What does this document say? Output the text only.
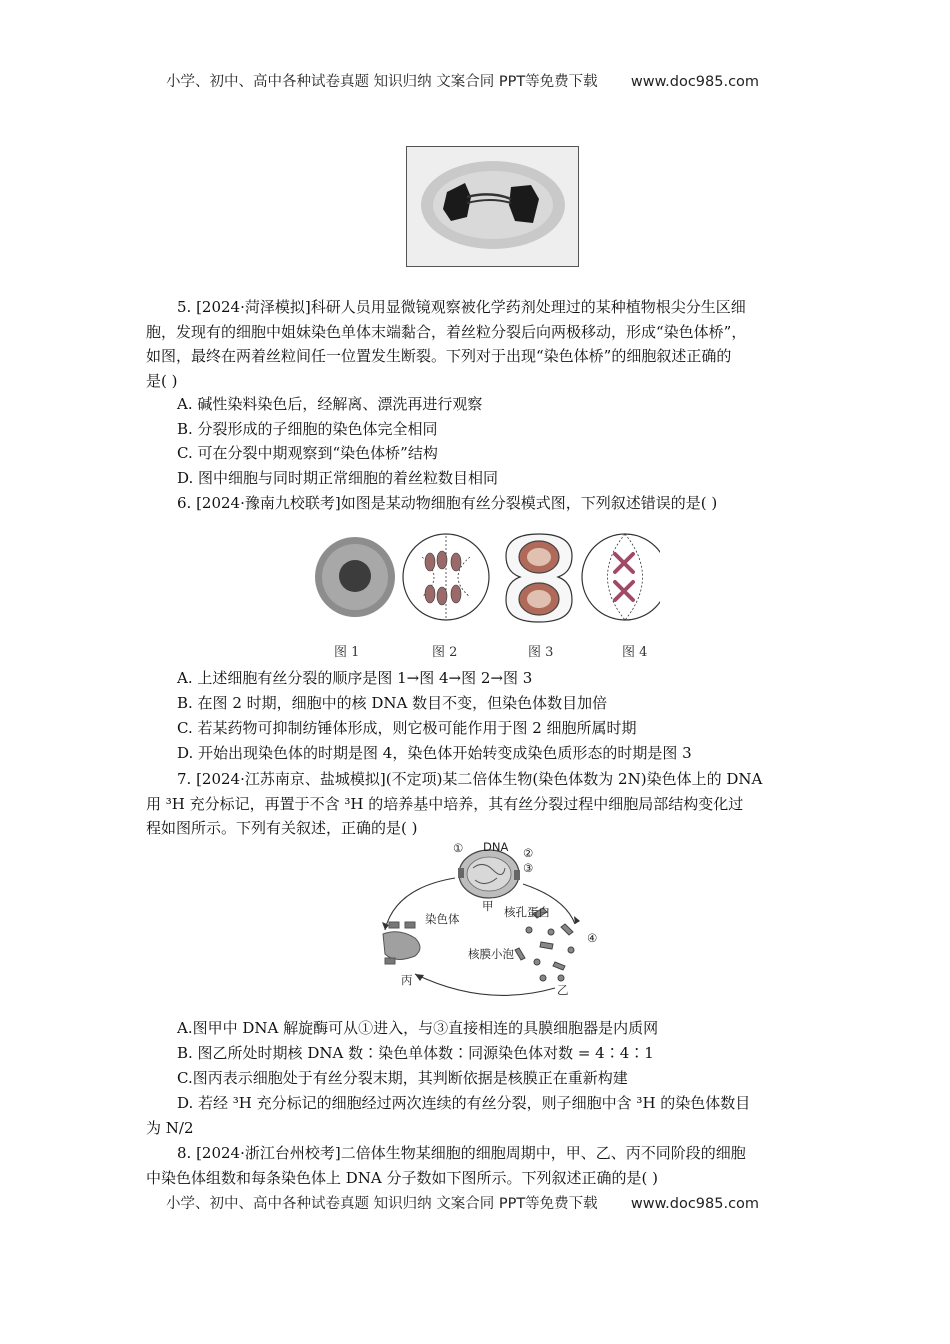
小学、初中、高中各种试卷真题 知识归纳 文案合同 PPT等免费下载 www.doc985.com
5. [2024·菏泽模拟]科研人员用显微镜观察被化学药剂处理过的某种植物根尖分生区细
胞，发现有的细胞中姐妹染色单体末端黏合，着丝粒分裂后向两极移动，形成“染色体桥”，
如图，最终在两着丝粒间任一位置发生断裂。下列对于出现“染色体桥”的细胞叙述正确的
是( )
A. 碱性染料染色后，经解离、漂洗再进行观察
B. 分裂形成的子细胞的染色体完全相同
C. 可在分裂中期观察到“染色体桥”结构
D. 图中细胞与同时期正常细胞的着丝粒数目相同
6. [2024·豫南九校联考]如图是某动物细胞有丝分裂模式图，下列叙述错误的是( )
图 1	图 2	图 3	图 4
A. 上述细胞有丝分裂的顺序是图 1→图 4→图 2→图 3
B. 在图 2 时期，细胞中的核 DNA 数目不变，但染色体数目加倍
C. 若某药物可抑制纺锤体形成，则它极可能作用于图 2 细胞所属时期
D. 开始出现染色体的时期是图 4，染色体开始转变成染色质形态的时期是图 3
7. [2024·江苏南京、盐城模拟](不定项)某二倍体生物(染色体数为 2N)染色体上的 DNA
用 ³H 充分标记，再置于不含 ³H 的培养基中培养，其有丝分裂过程中细胞局部结构变化过
程如图所示。下列有关叙述，正确的是( )
① DNA ②
③
甲 核孔蛋白
染色体
④
核膜小泡
丙
乙
A.图甲中 DNA 解旋酶可从①进入，与③直接相连的具膜细胞器是内质网
B. 图乙所处时期核 DNA 数∶染色单体数∶同源染色体对数 = 4∶4∶1
C.图丙表示细胞处于有丝分裂末期，其判断依据是核膜正在重新构建
D. 若经 ³H 充分标记的细胞经过两次连续的有丝分裂，则子细胞中含 ³H 的染色体数目
为 N/2
8. [2024·浙江台州校考]二倍体生物某细胞的细胞周期中，甲、乙、丙不同阶段的细胞
中染色体组数和每条染色体上 DNA 分子数如下图所示。下列叙述正确的是( )
小学、初中、高中各种试卷真题 知识归纳 文案合同 PPT等免费下载 www.doc985.com
